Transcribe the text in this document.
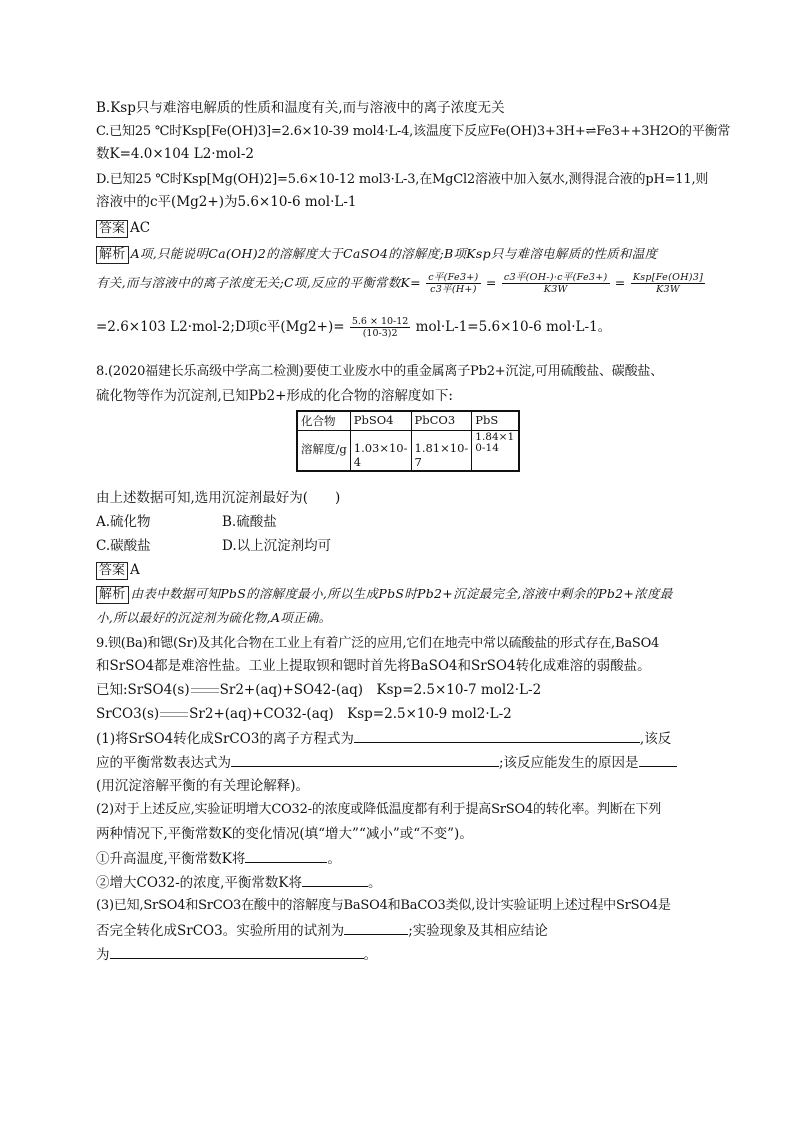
B.Ksp只与难溶电解质的性质和温度有关,而与溶液中的离子浓度无关
C.已知25 ℃时Ksp[Fe(OH)3]=2.6×10-39 mol4·L-4,该温度下反应Fe(OH)3+3H+⇌Fe3++3H2O的平衡常
数K=4.0×104 L2·mol-2
D.已知25 ℃时Ksp[Mg(OH)2]=5.6×10-12 mol3·L-3,在MgCl2溶液中加入氨水,测得混合液的pH=11,则
溶液中的c平(Mg2+)为5.6×10-6 mol·L-1
答案 AC
解析 A项,只能说明Ca(OH)2的溶解度大于CaSO4的溶解度;B项Ksp只与难溶电解质的性质和温度
有关,而与溶液中的离子浓度无关;C项,反应的平衡常数$K= \frac{\text{c平(Fe3+)}}{\text{c3平(H+)}} = \frac{\text{c3平(OH-)·c平(Fe3+)}}{K3W} = \frac{\text{Ksp[Fe(OH)3]}}{K3W}$
=2.6×103 L2·mol-2;D项c平$(Mg2+)= \frac{5.6 \times 10-12}{(10-3)2} mol\cdot L-1=5.6\times 10-6$ mol·L-1。
8.(2020福建长乐高级中学高二检测)要使工业废水中的重金属离子Pb2+沉淀,可用硫酸盐、碳酸盐、
硫化物等作为沉淀剂,已知Pb2+形成的化合物的溶解度如下:
化合物	PbSO4	PbCO3	PbS
溶解度/g	1.03×10-4	1.81×10-7	1.84×10-14
由上述数据可知,选用沉淀剂最好为(　　)
A.硫化物	B.硫酸盐
C.碳酸盐	D.以上沉淀剂均可
答案 A
解析 由表中数据可知PbS的溶解度最小,所以生成PbS时Pb2+沉淀最完全,溶液中剩余的Pb2+浓度最
小,所以最好的沉淀剂为硫化物,A项正确。
9.钡(Ba)和锶(Sr)及其化合物在工业上有着广泛的应用,它们在地壳中常以硫酸盐的形式存在,BaSO4
和SrSO4都是难溶性盐。工业上提取钡和锶时首先将BaSO4和SrSO4转化成难溶的弱酸盐。
已知:SrSO4(s) Sr2+(aq)+SO42-(aq)　Ksp=2.5×10-7 mol2·L-2
SrCO3(s) Sr2+(aq)+CO32-(aq)　Ksp=2.5×10-9 mol2·L-2
(1)将SrSO4转化成SrCO3的离子方程式为	,该反
应的平衡常数表达式为	;该反应能发生的原因是
(用沉淀溶解平衡的有关理论解释)。
(2)对于上述反应,实验证明增大CO32-的浓度或降低温度都有利于提高SrSO4的转化率。判断在下列
两种情况下,平衡常数K的变化情况(填“增大”“减小”或“不变”)。
①升高温度,平衡常数K将	。
②增大CO32-的浓度,平衡常数K将	。
(3)已知,SrSO4和SrCO3在酸中的溶解度与BaSO4和BaCO3类似,设计实验证明上述过程中SrSO4是
否完全转化成SrCO3。实验所用的试剂为	;实验现象及其相应结论
为	。
